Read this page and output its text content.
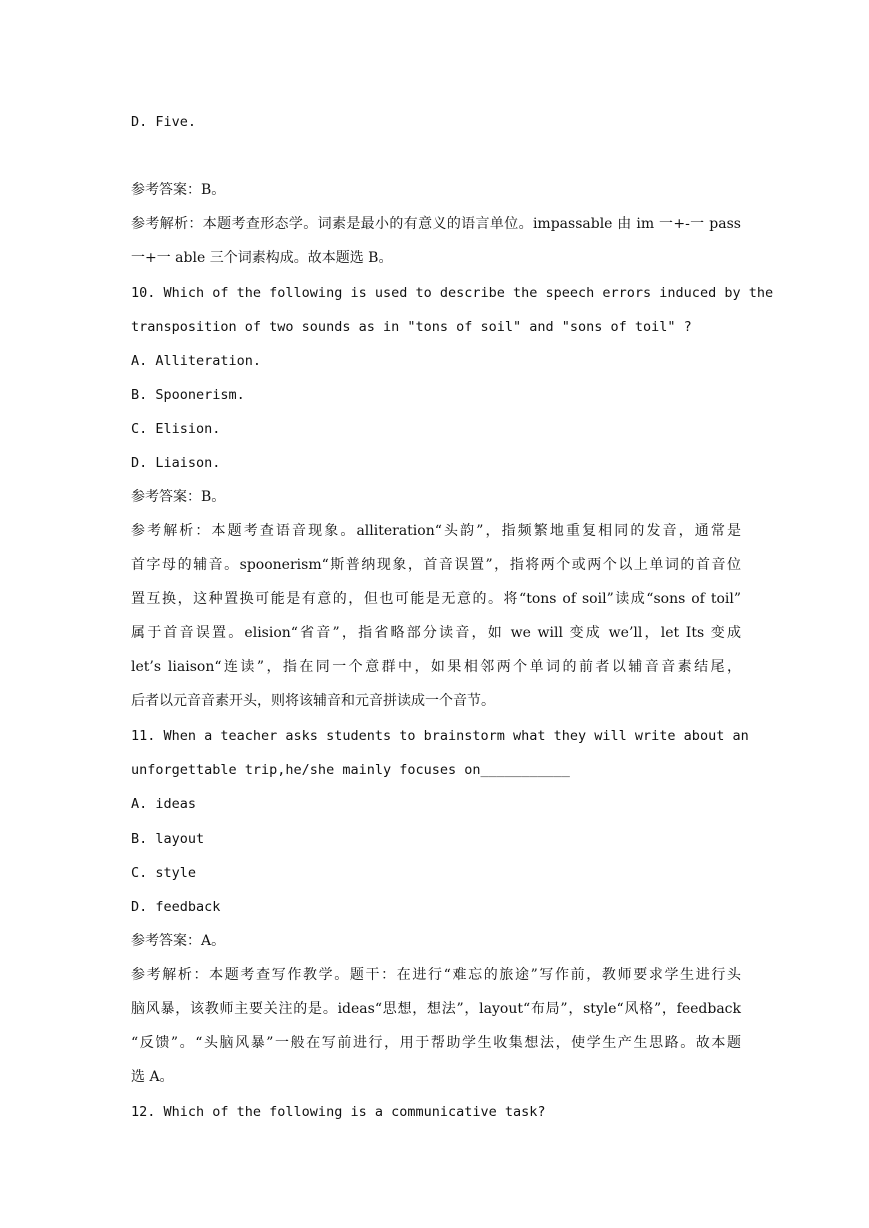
D. Five.
参考答案：B。
参考解析：本题考查形态学。词素是最小的有意义的语言单位。impassable 由 im 一+-一 pass
一+一 able 三个词素构成。故本题选 B。
10. Which of the following is used to describe the speech errors induced by the
transposition of two sounds as in "tons of soil" and "sons of toil" ?
A. Alliteration.
B. Spoonerism.
C. Elision.
D. Liaison.
参考答案：B。
参考解析：本题考查语音现象。alliteration“头韵”，指频繁地重复相同的发音，通常是
首字母的辅音。spoonerism“斯普纳现象，首音误置”，指将两个或两个以上单词的首音位
置互换，这种置换可能是有意的，但也可能是无意的。将“tons of soil”读成“sons of toil”
属于首音误置。elision“省音”，指省略部分读音，如 we will 变成 we’ll，let Its 变成
let’s liaison“连读”，指在同一个意群中，如果相邻两个单词的前者以辅音音素结尾，
后者以元音音素开头，则将该辅音和元音拼读成一个音节。
11. When a teacher asks students to brainstorm what they will write about an
unforgettable trip,he/she mainly focuses on___________
A. ideas
B. layout
C. style
D. feedback
参考答案：A。
参考解析：本题考查写作教学。题干：在进行“难忘的旅途”写作前，教师要求学生进行头
脑风暴，该教师主要关注的是。ideas“思想，想法”，layout“布局”，style“风格”，feedback
“反馈”。“头脑风暴”一般在写前进行，用于帮助学生收集想法，使学生产生思路。故本题
选 A。
12. Which of the following is a communicative task?
